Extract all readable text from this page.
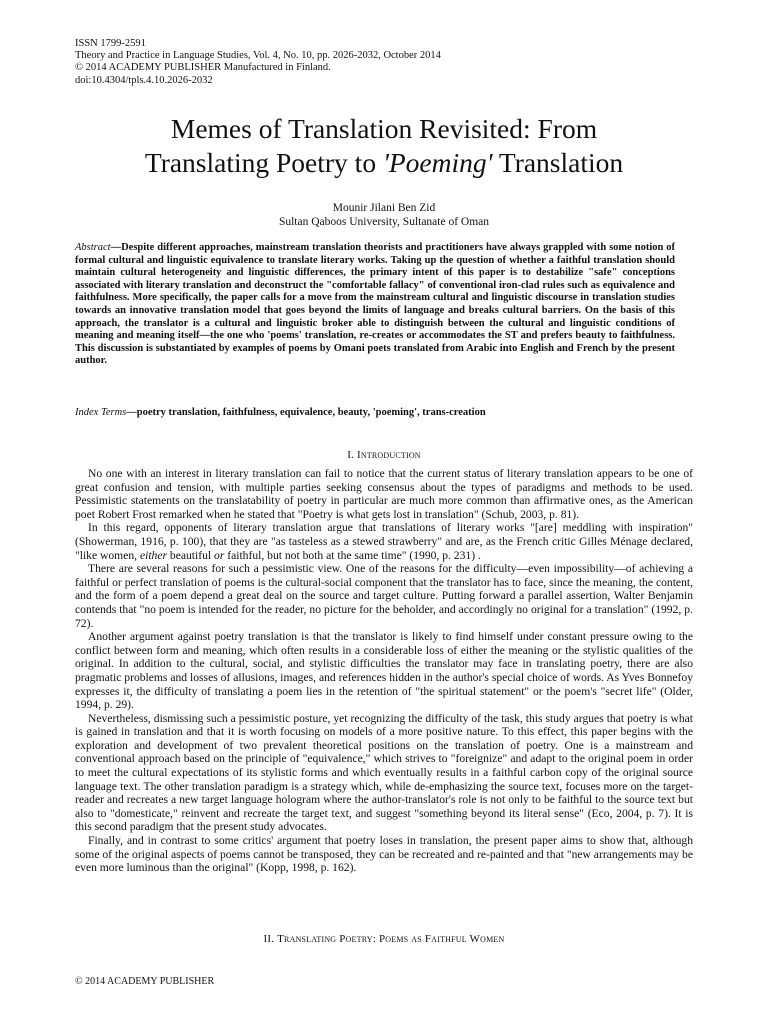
ISSN 1799-2591
Theory and Practice in Language Studies, Vol. 4, No. 10, pp. 2026-2032, October 2014
© 2014 ACADEMY PUBLISHER Manufactured in Finland.
doi:10.4304/tpls.4.10.2026-2032
Memes of Translation Revisited: From
Translating Poetry to 'Poeming' Translation
Mounir Jilani Ben Zid
Sultan Qaboos University, Sultanate of Oman
Abstract—Despite different approaches, mainstream translation theorists and practitioners have always grappled with some notion of formal cultural and linguistic equivalence to translate literary works. Taking up the question of whether a faithful translation should maintain cultural heterogeneity and linguistic differences, the primary intent of this paper is to destabilize "safe" conceptions associated with literary translation and deconstruct the "comfortable fallacy" of conventional iron-clad rules such as equivalence and faithfulness. More specifically, the paper calls for a move from the mainstream cultural and linguistic discourse in translation studies towards an innovative translation model that goes beyond the limits of language and breaks cultural barriers. On the basis of this approach, the translator is a cultural and linguistic broker able to distinguish between the cultural and linguistic conditions of meaning and meaning itself—the one who 'poems' translation, re-creates or accommodates the ST and prefers beauty to faithfulness. This discussion is substantiated by examples of poems by Omani poets translated from Arabic into English and French by the present author.
Index Terms—poetry translation, faithfulness, equivalence, beauty, 'poeming', trans-creation
I. Introduction

No one with an interest in literary translation can fail to notice that the current status of literary translation appears to be one of great confusion and tension, with multiple parties seeking consensus about the types of paradigms and methods to be used. Pessimistic statements on the translatability of poetry in particular are much more common than affirmative ones, as the American poet Robert Frost remarked when he stated that "Poetry is what gets lost in translation" (Schub, 2003, p. 81).

In this regard, opponents of literary translation argue that translations of literary works "[are] meddling with inspiration" (Showerman, 1916, p. 100), that they are "as tasteless as a stewed strawberry" and are, as the French critic Gilles Ménage declared, "like women, either beautiful or faithful, but not both at the same time" (1990, p. 231) .

There are several reasons for such a pessimistic view. One of the reasons for the difficulty—even impossibility—of achieving a faithful or perfect translation of poems is the cultural-social component that the translator has to face, since the meaning, the content, and the form of a poem depend a great deal on the source and target culture. Putting forward a parallel assertion, Walter Benjamin contends that "no poem is intended for the reader, no picture for the beholder, and accordingly no original for a translation" (1992, p. 72).

Another argument against poetry translation is that the translator is likely to find himself under constant pressure owing to the conflict between form and meaning, which often results in a considerable loss of either the meaning or the stylistic qualities of the original. In addition to the cultural, social, and stylistic difficulties the translator may face in translating poetry, there are also pragmatic problems and losses of allusions, images, and references hidden in the author's special choice of words. As Yves Bonnefoy expresses it, the difficulty of translating a poem lies in the retention of "the spiritual statement" or the poem's "secret life" (Older, 1994, p. 29).

Nevertheless, dismissing such a pessimistic posture, yet recognizing the difficulty of the task, this study argues that poetry is what is gained in translation and that it is worth focusing on models of a more positive nature. To this effect, this paper begins with the exploration and development of two prevalent theoretical positions on the translation of poetry. One is a mainstream and conventional approach based on the principle of "equivalence," which strives to "foreignize" and adapt to the original poem in order to meet the cultural expectations of its stylistic forms and which eventually results in a faithful carbon copy of the original source language text. The other translation paradigm is a strategy which, while de-emphasizing the source text, focuses more on the target-reader and recreates a new target language hologram where the author-translator's role is not only to be faithful to the source text but also to "domesticate," reinvent and recreate the target text, and suggest "something beyond its literal sense" (Eco, 2004, p. 7). It is this second paradigm that the present study advocates.

Finally, and in contrast to some critics' argument that poetry loses in translation, the present paper aims to show that, although some of the original aspects of poems cannot be transposed, they can be recreated and re-painted and that "new arrangements may be even more luminous than the original" (Kopp, 1998, p. 162).

II. Translating Poetry: Poems as Faithful Women
© 2014 ACADEMY PUBLISHER
